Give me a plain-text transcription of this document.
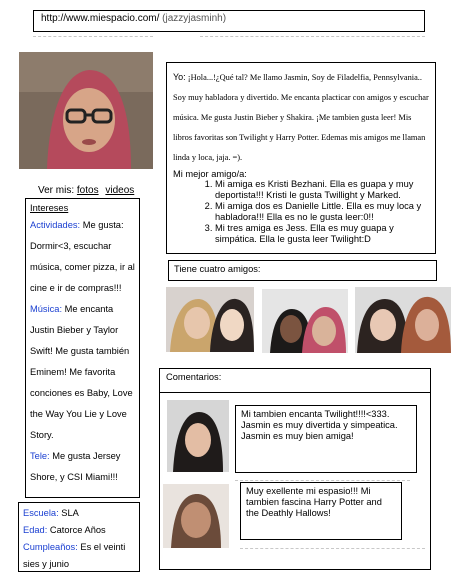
http://www.miespacio.com/ (jazzyjasminh)
Ver mis: fotos videos
Intereses
Actividades: Me gusta: Dormir<3, escuchar música, comer pizza, ir al cine e ir de compras!!!
Música: Me encanta Justin Bieber y Taylor Swift! Me gusta también Eminem! Me favorita conciones es Baby, Love the Way You Lie y Love Story.
Tele: Me gusta Jersey Shore, y CSI Miami!!!
Escuela: SLA
Edad: Catorce Años
Cumpleaños: Es el veinti sies y junio
Yo: ¡Hola...!¿Qué tal? Me llamo Jasmin, Soy de Filadelfia, Pennsylvania.. Soy muy habladora y divertido. Me encanta placticar con amigos y escuchar música. Me gusta Justin Bieber y Shakira. ¡Me tambien gusta leer! Mis libros favoritas son Twilight y Harry Potter. Edemas mis amigos me llaman linda y loca, jaja. =).
Mi mejor amigo/a:
1. Mi amiga es Kristi Bezhani. Ella es guapa y muy deportista!!! Kristi le gusta Twillight y Marked.
2. Mi amiga dos es Danielle Little. Ella es muy loca y habladora!!! Ella es no le gusta leer:0!!
3. Mi tres amiga es Jess. Ella es muy guapa y simpática. Ella le gusta leer Twilight:D
Tiene cuatro amigos:
Comentarios:
Mi tambien encanta Twilight!!!!<333. Jasmin es muy divertida y simpeatica. Jasmin es muy bien amiga!
Muy exellente mi espasio!!! Mi tambien fascina Harry Potter and the Deathly Hallows!
